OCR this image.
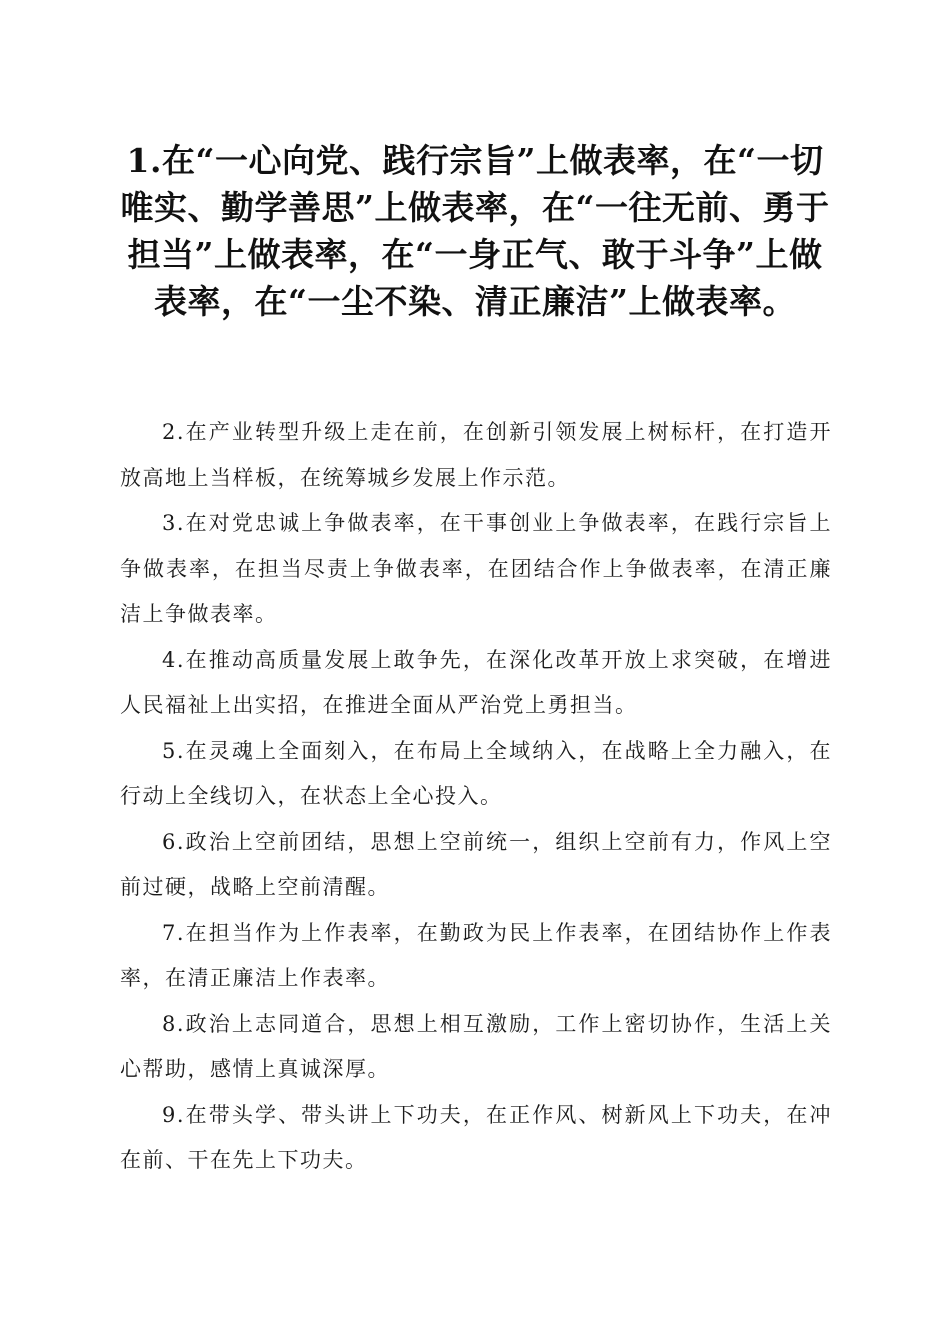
1.在“一心向党、践行宗旨”上做表率，在“一切唯实、勤学善思”上做表率，在“一往无前、勇于担当”上做表率，在“一身正气、敢于斗争”上做表率，在“一尘不染、清正廉洁”上做表率。

2.在产业转型升级上走在前，在创新引领发展上树标杆，在打造开放高地上当样板，在统筹城乡发展上作示范。

3.在对党忠诚上争做表率，在干事创业上争做表率，在践行宗旨上争做表率，在担当尽责上争做表率，在团结合作上争做表率，在清正廉洁上争做表率。

4.在推动高质量发展上敢争先，在深化改革开放上求突破，在增进人民福祉上出实招，在推进全面从严治党上勇担当。

5.在灵魂上全面刻入，在布局上全域纳入，在战略上全力融入，在行动上全线切入，在状态上全心投入。

6.政治上空前团结，思想上空前统一，组织上空前有力，作风上空前过硬，战略上空前清醒。

7.在担当作为上作表率，在勤政为民上作表率，在团结协作上作表率，在清正廉洁上作表率。

8.政治上志同道合，思想上相互激励，工作上密切协作，生活上关心帮助，感情上真诚深厚。

9.在带头学、带头讲上下功夫，在正作风、树新风上下功夫，在冲在前、干在先上下功夫。
